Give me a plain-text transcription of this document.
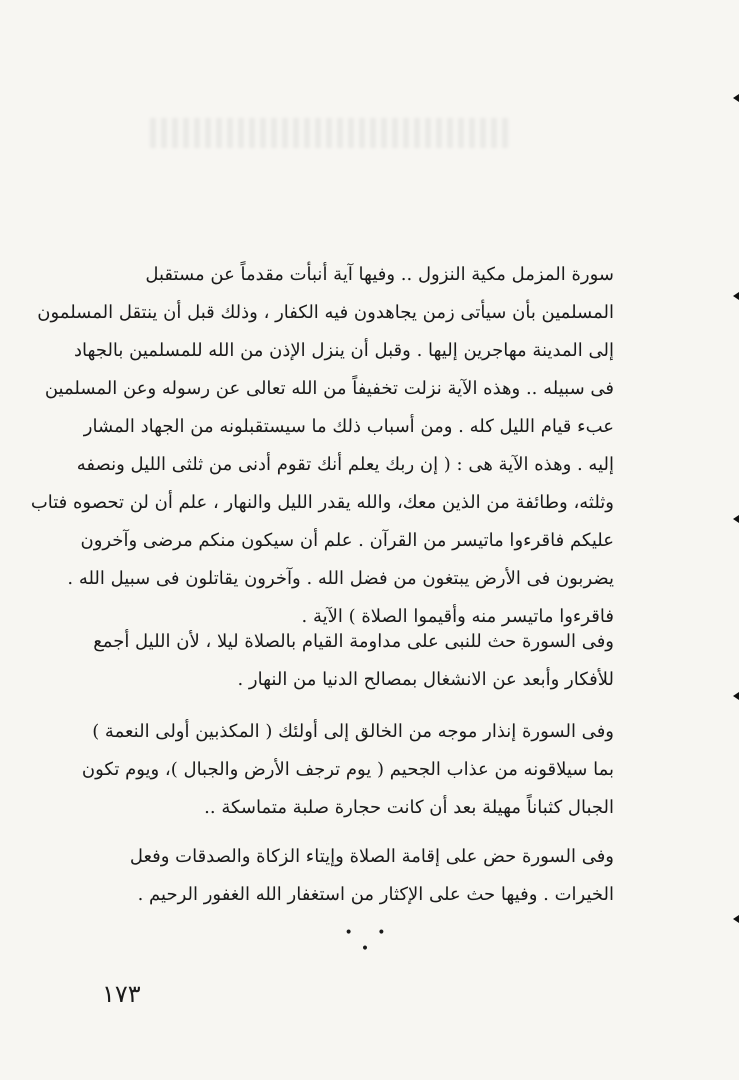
سورة المزمل مكية النزول .. وفيها آية أنبأت مقدماً عن مستقبل
المسلمين بأن سيأتى زمن يجاهدون فيه الكفار ، وذلك قبل أن ينتقل المسلمون
إلى المدينة مهاجرين إليها . وقبل أن ينزل الإذن من الله للمسلمين بالجهاد
فى سبيله .. وهذه الآية نزلت تخفيفاً من الله تعالى عن رسوله وعن المسلمين
عبء قيام الليل كله . ومن أسباب ذلك ما سيستقبلونه من الجهاد المشار
إليه . وهذه الآية هى : ( إن ربك يعلم أنك تقوم أدنى من ثلثى الليل ونصفه
وثلثه، وطائفة من الذين معك، والله يقدر الليل والنهار ، علم أن لن تحصوه فتاب
عليكم فاقرءوا ماتيسر من القرآن . علم أن سيكون منكم مرضى وآخرون
يضربون فى الأرض يبتغون من فضل الله . وآخرون يقاتلون فى سبيل الله .
فاقرءوا ماتيسر منه وأقيموا الصلاة ) الآية .
وفى السورة حث للنبى على مداومة القيام بالصلاة ليلا ، لأن الليل أجمع
للأفكار وأبعد عن الانشغال بمصالح الدنيا من النهار .
وفى السورة إنذار موجه من الخالق إلى أولئك ( المكذبين أولى النعمة )
بما سيلاقونه من عذاب الجحيم ( يوم ترجف الأرض والجبال )، ويوم تكون
الجبال كثباناً مهيلة بعد أن كانت حجارة صلبة متماسكة ..
وفى السورة حض على إقامة الصلاة وإيتاء الزكاة والصدقات وفعل
الخيرات . وفيها حث على الإكثار من استغفار الله الغفور الرحيم .
• • •
١٧٣
